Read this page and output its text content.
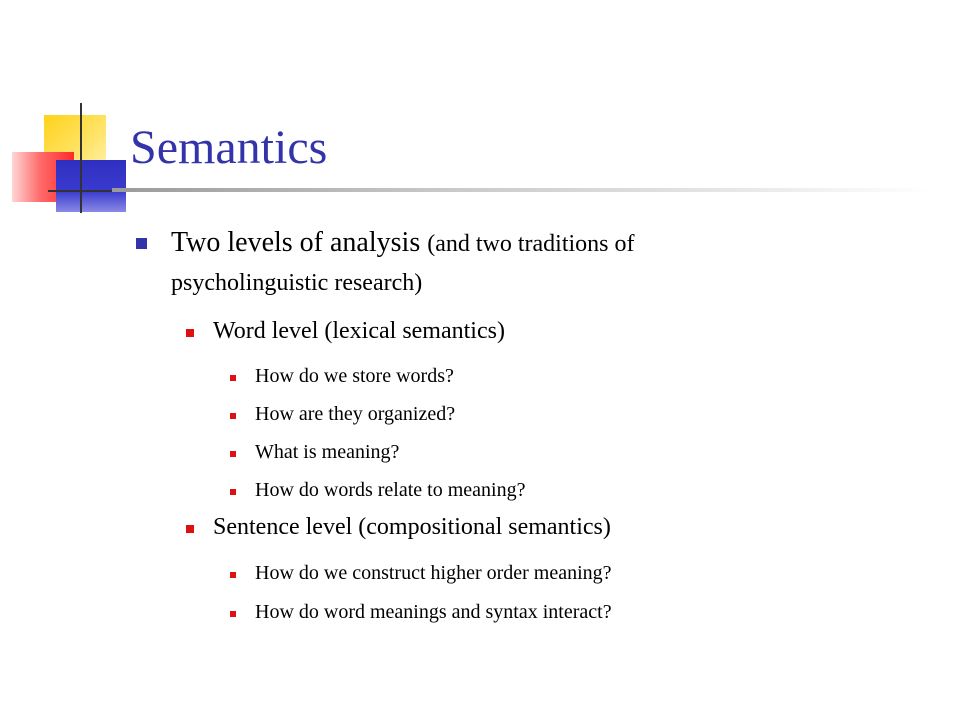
Semantics
Two levels of analysis (and two traditions of
psycholinguistic research)
Word level (lexical semantics)
How do we store words?
How are they organized?
What is meaning?
How do words relate to meaning?
Sentence level (compositional semantics)
How do we construct higher order meaning?
How do word meanings and syntax interact?
